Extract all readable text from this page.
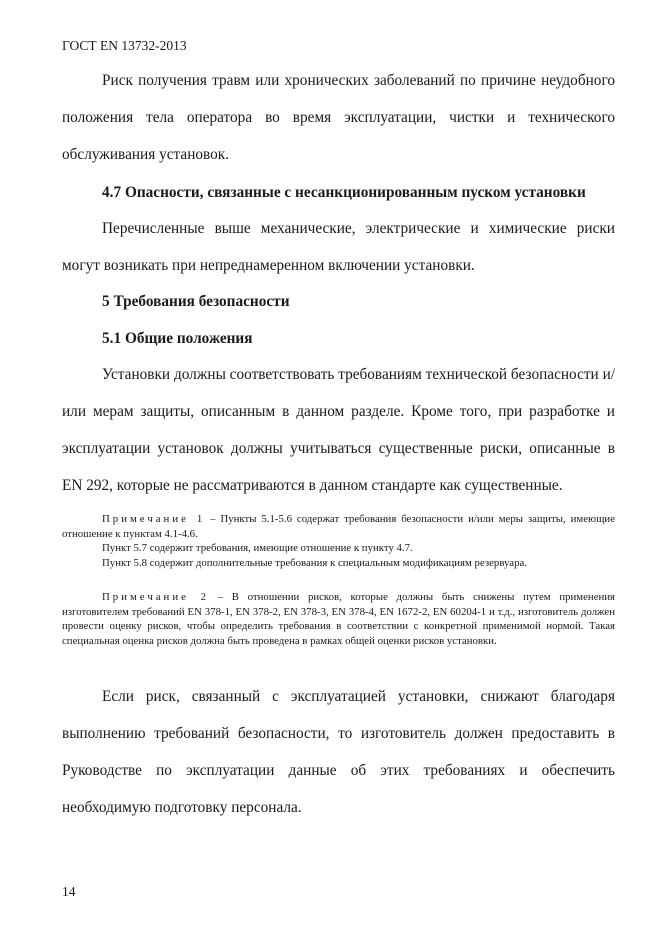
ГОСТ EN 13732-2013
Риск получения травм или хронических заболеваний по причине неудобного положения тела оператора во время эксплуатации, чистки и технического обслуживания установок.
4.7 Опасности, связанные с несанкционированным пуском установки
Перечисленные выше механические, электрические и химические риски могут возникать при непреднамеренном включении установки.
5 Требования безопасности
5.1 Общие положения
Установки должны соответствовать требованиям технической безопасности и/или мерам защиты, описанным в данном разделе. Кроме того, при разработке и эксплуатации установок должны учитываться существенные риски, описанные в EN 292, которые не рассматриваются в данном стандарте как существенные.
Примечание 1 – Пункты 5.1-5.6 содержат требования безопасности и/или меры защиты, имеющие отношение к пунктам 4.1-4.6.
Пункт 5.7 содержит требования, имеющие отношение к пункту 4.7.
Пункт 5.8 содержит дополнительные требования к специальным модификациям резервуара.
Примечание 2 – В отношении рисков, которые должны быть снижены путем применения изготовителем требований EN 378-1, EN 378-2, EN 378-3, EN 378-4, EN 1672-2, EN 60204-1 и т.д., изготовитель должен провести оценку рисков, чтобы определить требования в соответствии с конкретной применимой нормой. Такая специальная оценка рисков должна быть проведена в рамках общей оценки рисков установки.
Если риск, связанный с эксплуатацией установки, снижают благодаря выполнению требований безопасности, то изготовитель должен предоставить в Руководстве по эксплуатации данные об этих требованиях и обеспечить необходимую подготовку персонала.
14
